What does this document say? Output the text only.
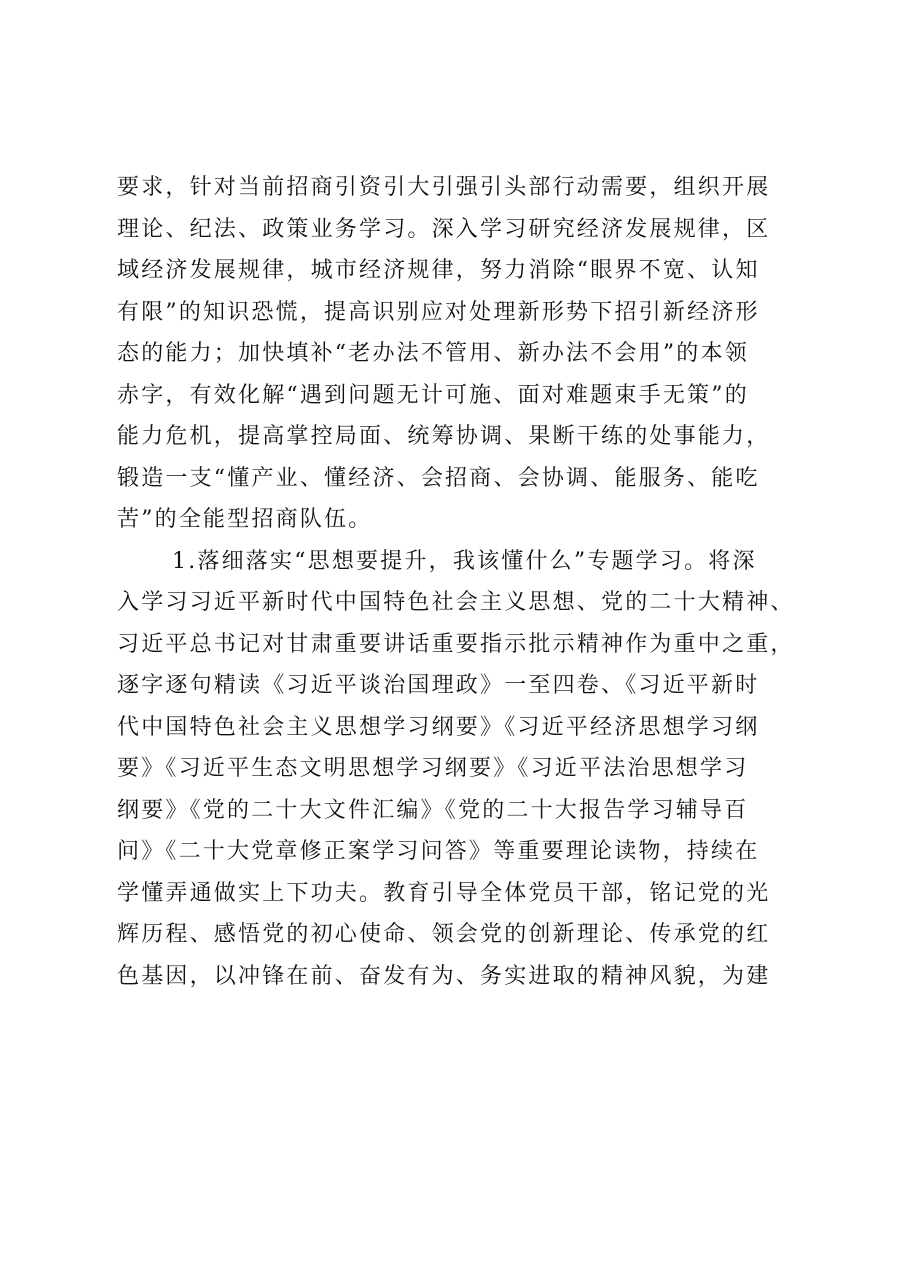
要求，针对当前招商引资引大引强引头部行动需要，组织开展
理论、纪法、政策业务学习。深入学习研究经济发展规律，区
域经济发展规律，城市经济规律，努力消除“眼界不宽、认知
有限”的知识恐慌，提高识别应对处理新形势下招引新经济形
态的能力；加快填补“老办法不管用、新办法不会用”的本领
赤字，有效化解“遇到问题无计可施、面对难题束手无策”的
能力危机，提高掌控局面、统筹协调、果断干练的处事能力，
锻造一支“懂产业、懂经济、会招商、会协调、能服务、能吃
苦”的全能型招商队伍。
1.落细落实“思想要提升，我该懂什么”专题学习。将深
入学习习近平新时代中国特色社会主义思想、党的二十大精神、
习近平总书记对甘肃重要讲话重要指示批示精神作为重中之重，
逐字逐句精读《习近平谈治国理政》一至四卷、《习近平新时
代中国特色社会主义思想学习纲要》《习近平经济思想学习纲
要》《习近平生态文明思想学习纲要》《习近平法治思想学习
纲要》《党的二十大文件汇编》《党的二十大报告学习辅导百
问》《二十大党章修正案学习问答》等重要理论读物，持续在
学懂弄通做实上下功夫。教育引导全体党员干部，铭记党的光
辉历程、感悟党的初心使命、领会党的创新理论、传承党的红
色基因，以冲锋在前、奋发有为、务实进取的精神风貌，为建
